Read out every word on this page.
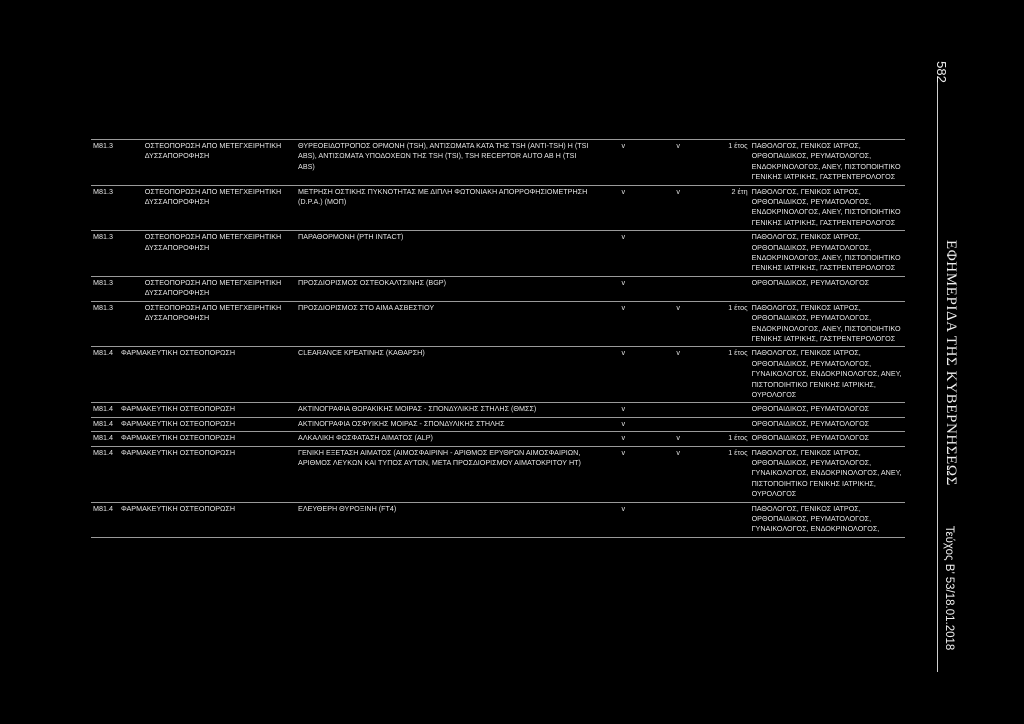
M81.3	ΟΣΤΕΟΠΟΡΩΣΗ ΑΠΟ ΜΕΤΕΓΧΕΙΡΗΤΙΚΗ ΔΥΣΣΑΠΟΡΟΦΗΣΗ	ΘΥΡΕΟΕΙΔΟΤΡΟΠΟΣ ΟΡΜΟΝΗ (TSH), ΑΝΤΙΣΩΜΑΤΑ ΚΑΤΑ ΤΗΣ TSH (ANTI-TSH) Η (TSI ABS), ΑΝΤΙΣΩΜΑΤΑ ΥΠΟΔΟΧΕΩΝ ΤΗΣ TSH (TSI), TSH RECEPTOR AUTO AB Η (TSI ABS)	v	v	1 έτος	ΠΑΘΟΛΟΓΟΣ, ΓΕΝΙΚΟΣ ΙΑΤΡΟΣ, ΟΡΘΟΠΑΙΔΙΚΟΣ, ΡΕΥΜΑΤΟΛΟΓΟΣ, ΕΝΔΟΚΡΙΝΟΛΟΓΟΣ, ΑΝΕΥ, ΠΙΣΤΟΠΟΙΗΤΙΚΟ ΓΕΝΙΚΗΣ ΙΑΤΡΙΚΗΣ, ΓΑΣΤΡΕΝΤΕΡΟΛΟΓΟΣ
M81.3	ΟΣΤΕΟΠΟΡΩΣΗ ΑΠΟ ΜΕΤΕΓΧΕΙΡΗΤΙΚΗ ΔΥΣΣΑΠΟΡΟΦΗΣΗ	ΜΕΤΡΗΣΗ ΟΣΤΙΚΗΣ ΠΥΚΝΟΤΗΤΑΣ ΜΕ ΔΙΠΛΗ ΦΩΤΟΝΙΑΚΗ ΑΠΟΡΡΟΦΗΣΙΟΜΕΤΡΗΣΗ (D.P.A.) (ΜΟΠ)	v	v	2 έτη	ΠΑΘΟΛΟΓΟΣ, ΓΕΝΙΚΟΣ ΙΑΤΡΟΣ, ΟΡΘΟΠΑΙΔΙΚΟΣ, ΡΕΥΜΑΤΟΛΟΓΟΣ, ΕΝΔΟΚΡΙΝΟΛΟΓΟΣ, ΑΝΕΥ, ΠΙΣΤΟΠΟΙΗΤΙΚΟ ΓΕΝΙΚΗΣ ΙΑΤΡΙΚΗΣ, ΓΑΣΤΡΕΝΤΕΡΟΛΟΓΟΣ
M81.3	ΟΣΤΕΟΠΟΡΩΣΗ ΑΠΟ ΜΕΤΕΓΧΕΙΡΗΤΙΚΗ ΔΥΣΣΑΠΟΡΟΦΗΣΗ	ΠΑΡΑΘΟΡΜΟΝΗ (PTH INTACT)	v			ΠΑΘΟΛΟΓΟΣ, ΓΕΝΙΚΟΣ ΙΑΤΡΟΣ, ΟΡΘΟΠΑΙΔΙΚΟΣ, ΡΕΥΜΑΤΟΛΟΓΟΣ, ΕΝΔΟΚΡΙΝΟΛΟΓΟΣ, ΑΝΕΥ, ΠΙΣΤΟΠΟΙΗΤΙΚΟ ΓΕΝΙΚΗΣ ΙΑΤΡΙΚΗΣ, ΓΑΣΤΡΕΝΤΕΡΟΛΟΓΟΣ
M81.3	ΟΣΤΕΟΠΟΡΩΣΗ ΑΠΟ ΜΕΤΕΓΧΕΙΡΗΤΙΚΗ ΔΥΣΣΑΠΟΡΟΦΗΣΗ	ΠΡΟΣΔΙΟΡΙΣΜΟΣ ΟΣΤΕΟΚΑΛΤΣΙΝΗΣ (BGP)	v			ΟΡΘΟΠΑΙΔΙΚΟΣ, ΡΕΥΜΑΤΟΛΟΓΟΣ
M81.3	ΟΣΤΕΟΠΟΡΩΣΗ ΑΠΟ ΜΕΤΕΓΧΕΙΡΗΤΙΚΗ ΔΥΣΣΑΠΟΡΟΦΗΣΗ	ΠΡΟΣΔΙΟΡΙΣΜΟΣ ΣΤΟ ΑΙΜΑ ΑΣΒΕΣΤΙΟΥ	v	v	1 έτος	ΠΑΘΟΛΟΓΟΣ, ΓΕΝΙΚΟΣ ΙΑΤΡΟΣ, ΟΡΘΟΠΑΙΔΙΚΟΣ, ΡΕΥΜΑΤΟΛΟΓΟΣ, ΕΝΔΟΚΡΙΝΟΛΟΓΟΣ, ΑΝΕΥ, ΠΙΣΤΟΠΟΙΗΤΙΚΟ ΓΕΝΙΚΗΣ ΙΑΤΡΙΚΗΣ, ΓΑΣΤΡΕΝΤΕΡΟΛΟΓΟΣ
M81.4 ΦΑΡΜΑΚΕΥΤΙΚΗ ΟΣΤΕΟΠΟΡΩΣΗ		CLEARANCE ΚΡΕΑΤΙΝΗΣ (ΚΑΘΑΡΣΗ)	v	v	1 έτος	ΠΑΘΟΛΟΓΟΣ, ΓΕΝΙΚΟΣ ΙΑΤΡΟΣ, ΟΡΘΟΠΑΙΔΙΚΟΣ, ΡΕΥΜΑΤΟΛΟΓΟΣ, ΓΥΝΑΙΚΟΛΟΓΟΣ, ΕΝΔΟΚΡΙΝΟΛΟΓΟΣ, ΑΝΕΥ, ΠΙΣΤΟΠΟΙΗΤΙΚΟ ΓΕΝΙΚΗΣ ΙΑΤΡΙΚΗΣ, ΟΥΡΟΛΟΓΟΣ
M81.4 ΦΑΡΜΑΚΕΥΤΙΚΗ ΟΣΤΕΟΠΟΡΩΣΗ		ΑΚΤΙΝΟΓΡΑΦΙΑ ΘΩΡΑΚΙΚΗΣ ΜΟΙΡΑΣ - ΣΠΟΝΔΥΛΙΚΗΣ ΣΤΗΛΗΣ (ΘΜΣΣ)	v			ΟΡΘΟΠΑΙΔΙΚΟΣ, ΡΕΥΜΑΤΟΛΟΓΟΣ
M81.4 ΦΑΡΜΑΚΕΥΤΙΚΗ ΟΣΤΕΟΠΟΡΩΣΗ		ΑΚΤΙΝΟΓΡΑΦΙΑ ΟΣΦΥΙΚΗΣ ΜΟΙΡΑΣ - ΣΠΟΝΔΥΛΙΚΗΣ ΣΤΗΛΗΣ	v			ΟΡΘΟΠΑΙΔΙΚΟΣ, ΡΕΥΜΑΤΟΛΟΓΟΣ
M81.4 ΦΑΡΜΑΚΕΥΤΙΚΗ ΟΣΤΕΟΠΟΡΩΣΗ		ΑΛΚΑΛΙΚΗ ΦΩΣΦΑΤΑΣΗ ΑΙΜΑΤΟΣ (ALP)	v	v	1 έτος	ΟΡΘΟΠΑΙΔΙΚΟΣ, ΡΕΥΜΑΤΟΛΟΓΟΣ
M81.4 ΦΑΡΜΑΚΕΥΤΙΚΗ ΟΣΤΕΟΠΟΡΩΣΗ		ΓΕΝΙΚΗ ΕΞΕΤΑΣΗ ΑΙΜΑΤΟΣ (ΑΙΜΟΣΦΑΙΡΙΝΗ - ΑΡΙΘΜΟΣ ΕΡΥΘΡΩΝ ΑΙΜΟΣΦΑΙΡΙΩΝ, ΑΡΙΘΜΟΣ ΛΕΥΚΩΝ ΚΑΙ ΤΥΠΟΣ ΑΥΤΩΝ, ΜΕΤΑ ΠΡΟΣΔΙΟΡΙΣΜΟΥ ΑΙΜΑΤΟΚΡΙΤΟΥ HT)	v	v	1 έτος	ΠΑΘΟΛΟΓΟΣ, ΓΕΝΙΚΟΣ ΙΑΤΡΟΣ, ΟΡΘΟΠΑΙΔΙΚΟΣ, ΡΕΥΜΑΤΟΛΟΓΟΣ, ΓΥΝΑΙΚΟΛΟΓΟΣ, ΕΝΔΟΚΡΙΝΟΛΟΓΟΣ, ΑΝΕΥ, ΠΙΣΤΟΠΟΙΗΤΙΚΟ ΓΕΝΙΚΗΣ ΙΑΤΡΙΚΗΣ, ΟΥΡΟΛΟΓΟΣ
M81.4 ΦΑΡΜΑΚΕΥΤΙΚΗ ΟΣΤΕΟΠΟΡΩΣΗ		ΕΛΕΥΘΕΡΗ ΘΥΡΟΞΙΝΗ (FT4)	v			ΠΑΘΟΛΟΓΟΣ, ΓΕΝΙΚΟΣ ΙΑΤΡΟΣ, ΟΡΘΟΠΑΙΔΙΚΟΣ, ΡΕΥΜΑΤΟΛΟΓΟΣ, ΓΥΝΑΙΚΟΛΟΓΟΣ, ΕΝΔΟΚΡΙΝΟΛΟΓΟΣ,
582
ΕΦΗΜΕΡΙΔΑ ΤΗΣ ΚΥΒΕΡΝΗΣΕΩΣ
Τεύχος Β’ 53/18.01.2018
